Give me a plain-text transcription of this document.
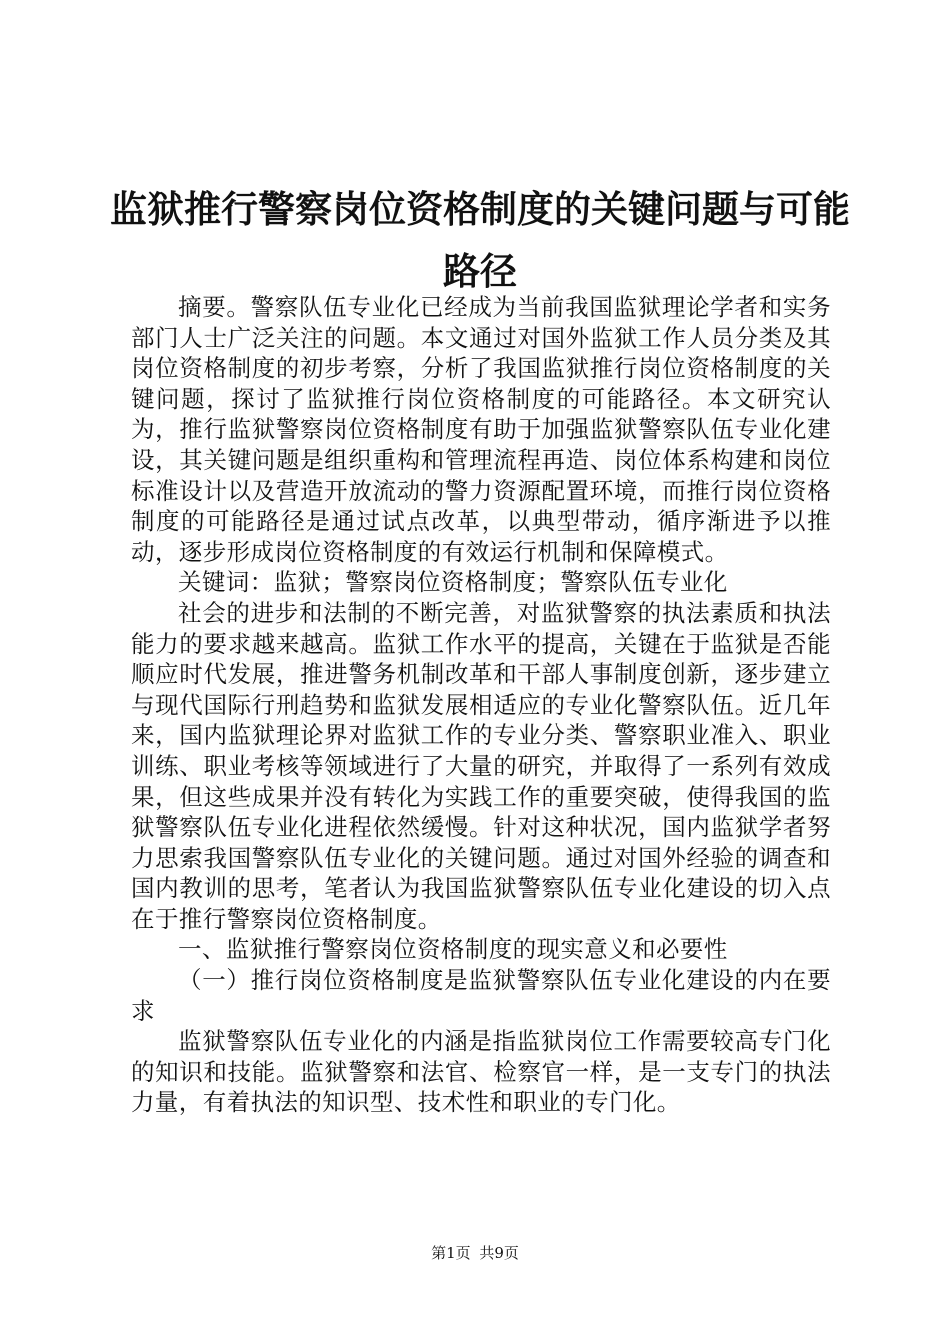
监狱推行警察岗位资格制度的关键问题与可能路径

摘要。警察队伍专业化已经成为当前我国监狱理论学者和实务部门人士广泛关注的问题。本文通过对国外监狱工作人员分类及其岗位资格制度的初步考察，分析了我国监狱推行岗位资格制度的关键问题，探讨了监狱推行岗位资格制度的可能路径。本文研究认为，推行监狱警察岗位资格制度有助于加强监狱警察队伍专业化建设，其关键问题是组织重构和管理流程再造、岗位体系构建和岗位标准设计以及营造开放流动的警力资源配置环境，而推行岗位资格制度的可能路径是通过试点改革，以典型带动，循序渐进予以推动，逐步形成岗位资格制度的有效运行机制和保障模式。

关键词：监狱；警察岗位资格制度；警察队伍专业化

社会的进步和法制的不断完善，对监狱警察的执法素质和执法能力的要求越来越高。监狱工作水平的提高，关键在于监狱是否能顺应时代发展，推进警务机制改革和干部人事制度创新，逐步建立与现代国际行刑趋势和监狱发展相适应的专业化警察队伍。近几年来，国内监狱理论界对监狱工作的专业分类、警察职业准入、职业训练、职业考核等领域进行了大量的研究，并取得了一系列有效成果，但这些成果并没有转化为实践工作的重要突破，使得我国的监狱警察队伍专业化进程依然缓慢。针对这种状况，国内监狱学者努力思索我国警察队伍专业化的关键问题。通过对国外经验的调查和国内教训的思考，笔者认为我国监狱警察队伍专业化建设的切入点在于推行警察岗位资格制度。

一、监狱推行警察岗位资格制度的现实意义和必要性

（一）推行岗位资格制度是监狱警察队伍专业化建设的内在要求

监狱警察队伍专业化的内涵是指监狱岗位工作需要较高专门化的知识和技能。监狱警察和法官、检察官一样，是一支专门的执法力量，有着执法的知识型、技术性和职业的专门化。

第1页 共9页
